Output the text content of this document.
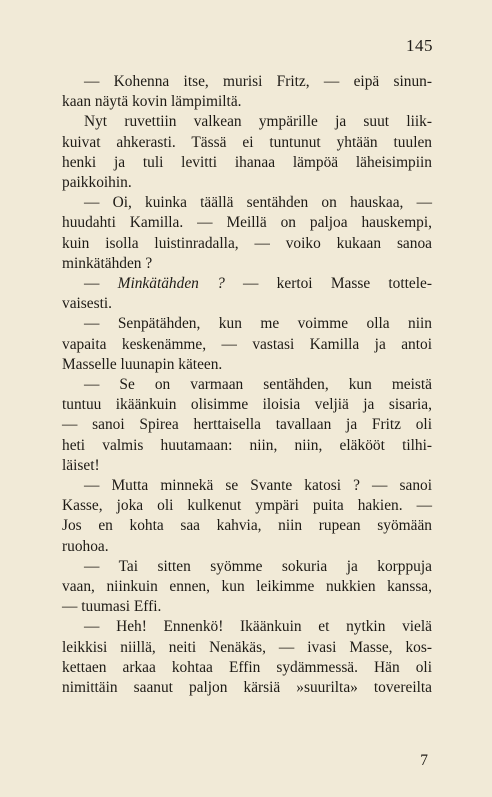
145
— Kohenna itse, murisi Fritz, — eipä sinun-
kaan näytä kovin lämpimiltä.
Nyt ruvettiin valkean ympärille ja suut liik-
kuivat ahkerasti. Tässä ei tuntunut yhtään tuulen
henki ja tuli levitti ihanaa lämpöä läheisimpiin
paikkoihin.
— Oi, kuinka täällä sentähden on hauskaa, —
huudahti Kamilla. — Meillä on paljoa hauskempi,
kuin isolla luistinradalla, — voiko kukaan sanoa
minkätähden ?
— Minkätähden ? — kertoi Masse tottele-
vaisesti.
— Senpätähden, kun me voimme olla niin
vapaita keskenämme, — vastasi Kamilla ja antoi
Masselle luunapin käteen.
— Se on varmaan sentähden, kun meistä
tuntuu ikäänkuin olisimme iloisia veljiä ja sisaria,
— sanoi Spirea herttaisella tavallaan ja Fritz oli
heti valmis huutamaan: niin, niin, eläkööt tilhi-
läiset!
— Mutta minnekä se Svante katosi ? — sanoi
Kasse, joka oli kulkenut ympäri puita hakien. —
Jos en kohta saa kahvia, niin rupean syömään
ruohoa.
— Tai sitten syömme sokuria ja korppuja
vaan, niinkuin ennen, kun leikimme nukkien kanssa,
— tuumasi Effi.
— Heh! Ennenkö! Ikäänkuin et nytkin vielä
leikkisi niillä, neiti Nenäkäs, — ivasi Masse, kos-
kettaen arkaa kohtaa Effin sydämmessä. Hän oli
nimittäin saanut paljon kärsiä »suurilta» tovereilta
7
